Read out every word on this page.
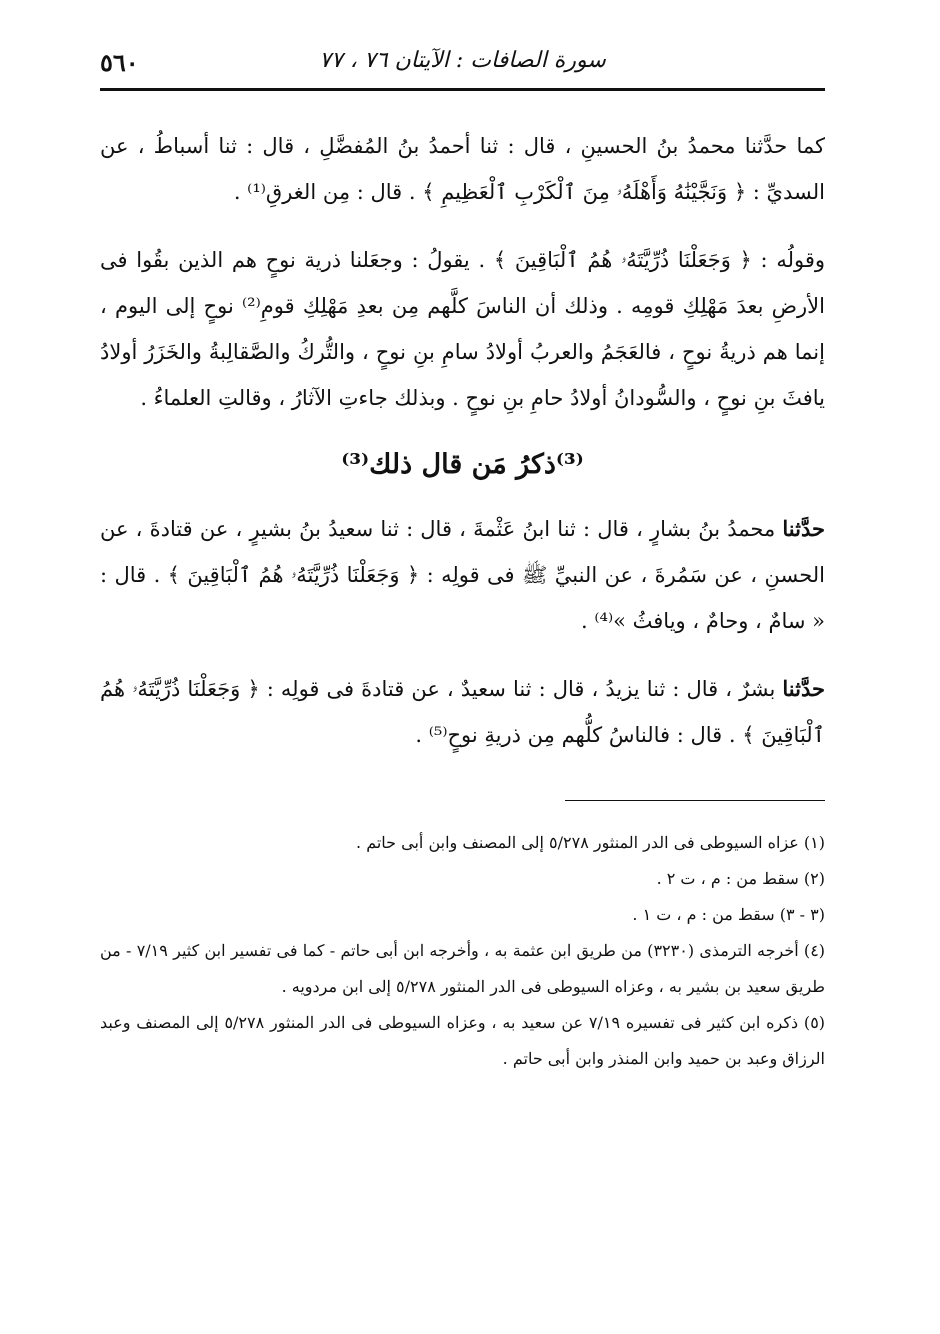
سورة الصافات : الآيتان ٧٦ ، ٧٧
٥٦٠

كما حدَّثنا محمدُ بنُ الحسينِ ، قال : ثنا أحمدُ بنُ المُفضَّلِ ، قال : ثنا أسباطُ ، عن السديِّ : ﴿ وَنَجَّيْنَٰهُ وَأَهْلَهُۥ مِنَ ٱلْكَرْبِ ٱلْعَظِيمِ ﴾ . قال : مِن الغرقِ⁽¹⁾ .

وقولُه : ﴿ وَجَعَلْنَا ذُرِّيَّتَهُۥ هُمُ ٱلْبَاقِينَ ﴾ . يقولُ : وجعَلنا ذرية نوحٍ هم الذين بقُوا فى الأرضِ بعدَ مَهْلِكِ قومِه . وذلك أن الناسَ كلَّهم مِن بعدِ مَهْلِكِ قومِ⁽²⁾ نوحٍ إلى اليوم ، إنما هم ذريةُ نوحٍ ، فالعَجَمُ والعربُ أولادُ سامِ بنِ نوحٍ ، والتُّركُ والصَّقالِبةُ والخَزَرُ أولادُ يافثَ بنِ نوحٍ ، والسُّودانُ أولادُ حامِ بنِ نوحٍ . وبذلك جاءتِ الآثارُ ، وقالتِ العلماءُ .

⁽³⁾ذكرُ مَن قال ذلك⁽³⁾

حدَّثنا محمدُ بنُ بشارٍ ، قال : ثنا ابنُ عَثْمةَ ، قال : ثنا سعيدُ بنُ بشيرٍ ، عن قتادةَ ، عن الحسنِ ، عن سَمُرةَ ، عن النبيِّ ﷺ فى قولِه : ﴿ وَجَعَلْنَا ذُرِّيَّتَهُۥ هُمُ ٱلْبَاقِينَ ﴾ . قال : « سامٌ ، وحامٌ ، ويافثُ »⁽⁴⁾ .

حدَّثنا بشرٌ ، قال : ثنا يزيدُ ، قال : ثنا سعيدٌ ، عن قتادةَ فى قولِه : ﴿ وَجَعَلْنَا ذُرِّيَّتَهُۥ هُمُ ٱلْبَاقِينَ ﴾ . قال : فالناسُ كلُّهم مِن ذريةِ نوحٍ⁽⁵⁾ .

(١) عزاه السيوطى فى الدر المنثور ٥/٢٧٨ إلى المصنف وابن أبى حاتم .

(٢) سقط من : م ، ت ٢ .

(٣ - ٣) سقط من : م ، ت ١ .

(٤) أخرجه الترمذى (٣٢٣٠) من طريق ابن عثمة به ، وأخرجه ابن أبى حاتم - كما فى تفسير ابن كثير ٧/١٩ - من طريق سعيد بن بشير به ، وعزاه السيوطى فى الدر المنثور ٥/٢٧٨ إلى ابن مردويه .

(٥) ذكره ابن كثير فى تفسيره ٧/١٩ عن سعيد به ، وعزاه السيوطى فى الدر المنثور ٥/٢٧٨ إلى المصنف وعبد الرزاق وعبد بن حميد وابن المنذر وابن أبى حاتم .
